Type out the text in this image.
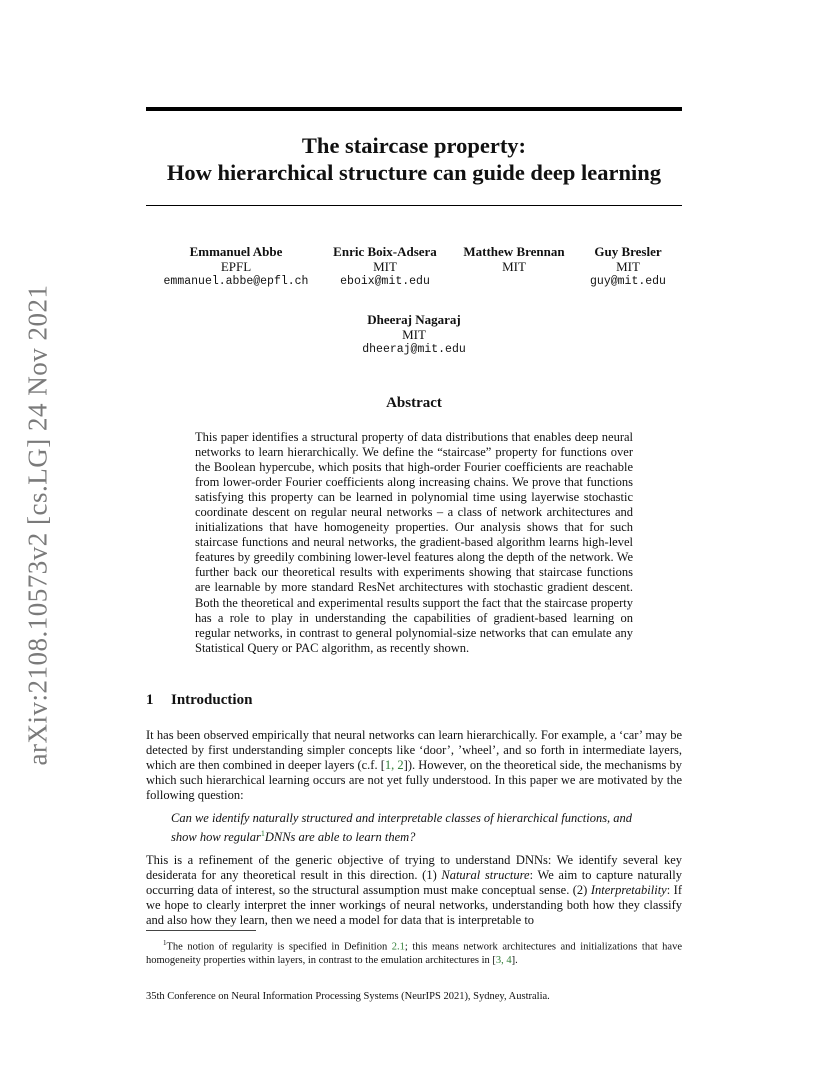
arXiv:2108.10573v2 [cs.LG] 24 Nov 2021
The staircase property:
How hierarchical structure can guide deep learning
Emmanuel Abbe
EPFL
emmanuel.abbe@epfl.ch
Enric Boix-Adsera
MIT
eboix@mit.edu
Matthew Brennan
MIT
Guy Bresler
MIT
guy@mit.edu
Dheeraj Nagaraj
MIT
dheeraj@mit.edu
Abstract
This paper identifies a structural property of data distributions that enables deep neural networks to learn hierarchically. We define the “staircase” property for functions over the Boolean hypercube, which posits that high-order Fourier coefficients are reachable from lower-order Fourier coefficients along increasing chains. We prove that functions satisfying this property can be learned in polynomial time using layerwise stochastic coordinate descent on regular neural networks – a class of network architectures and initializations that have homogeneity properties. Our analysis shows that for such staircase functions and neural networks, the gradient-based algorithm learns high-level features by greedily combining lower-level features along the depth of the network. We further back our theoretical results with experiments showing that staircase functions are learnable by more standard ResNet architectures with stochastic gradient descent. Both the theoretical and experimental results support the fact that the staircase property has a role to play in understanding the capabilities of gradient-based learning on regular networks, in contrast to general polynomial-size networks that can emulate any Statistical Query or PAC algorithm, as recently shown.
1 Introduction
It has been observed empirically that neural networks can learn hierarchically. For example, a ‘car’ may be detected by first understanding simpler concepts like ‘door’, ’wheel’, and so forth in intermediate layers, which are then combined in deeper layers (c.f. [1, 2]). However, on the theoretical side, the mechanisms by which such hierarchical learning occurs are not yet fully understood. In this paper we are motivated by the following question:
Can we identify naturally structured and interpretable classes of hierarchical functions, and show how regular$^1$DNNs are able to learn them?
This is a refinement of the generic objective of trying to understand DNNs: We identify several key desiderata for any theoretical result in this direction. (1) Natural structure: We aim to capture naturally occurring data of interest, so the structural assumption must make conceptual sense. (2) Interpretability: If we hope to clearly interpret the inner workings of neural networks, understanding both how they classify and also how they learn, then we need a model for data that is interpretable to
$^1$The notion of regularity is specified in Definition 2.1; this means network architectures and initializations that have homogeneity properties within layers, in contrast to the emulation architectures in [3, 4].
35th Conference on Neural Information Processing Systems (NeurIPS 2021), Sydney, Australia.
